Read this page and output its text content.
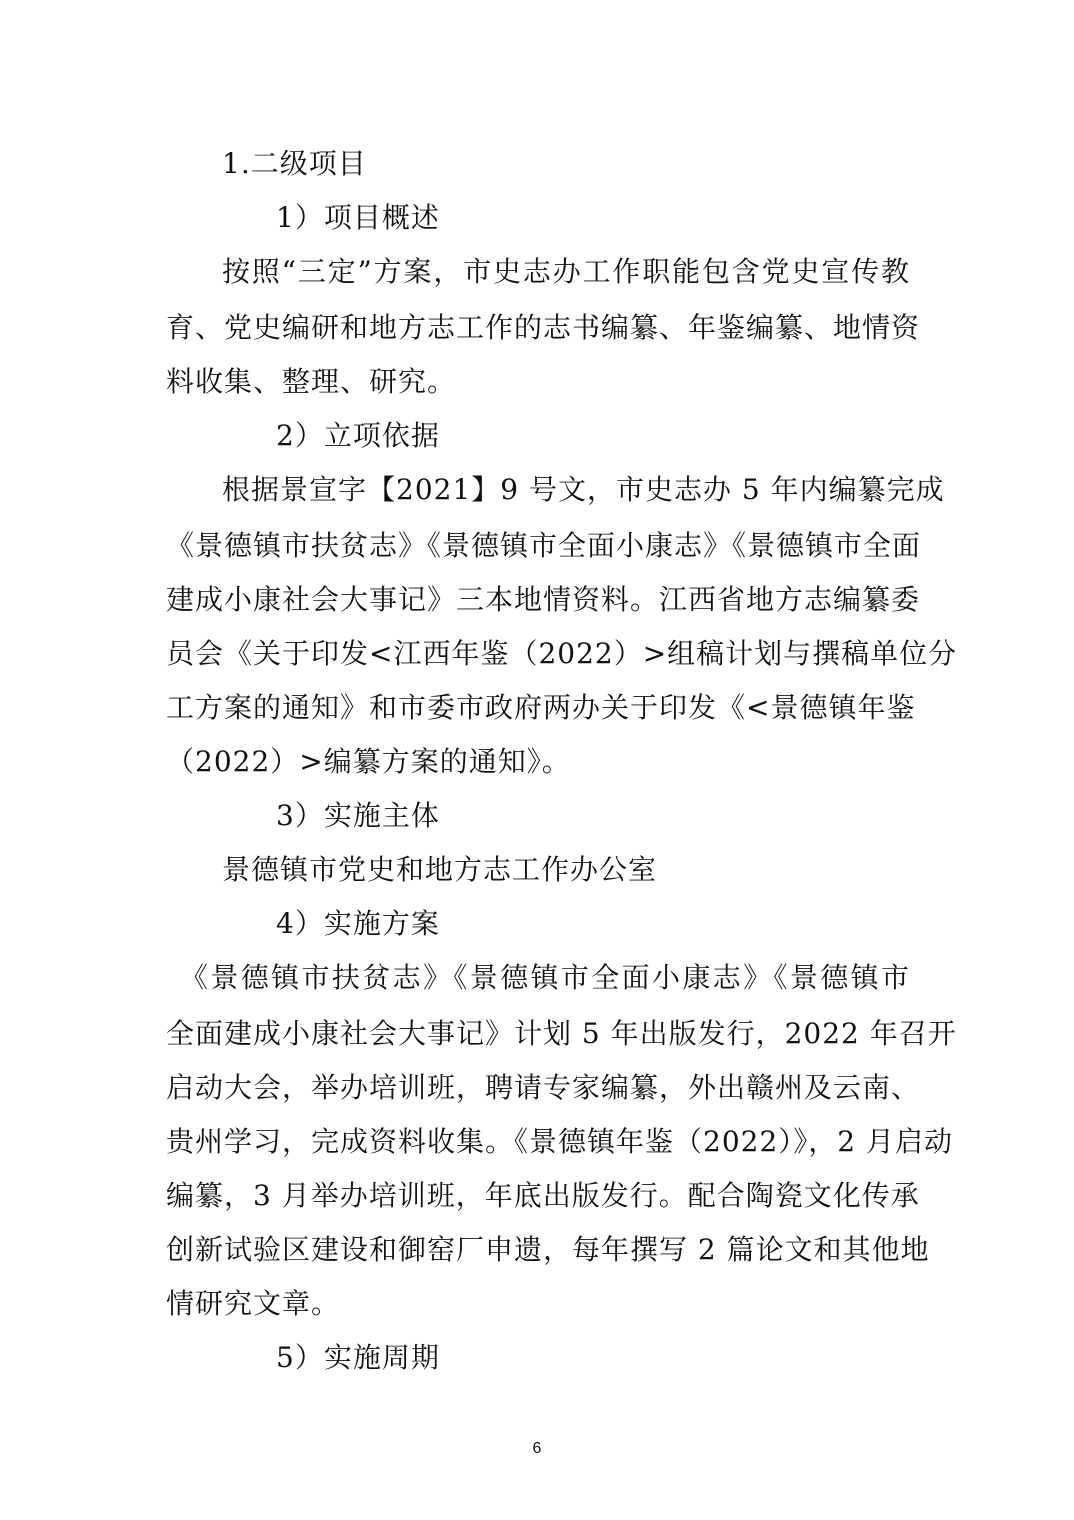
1.二级项目
1）项目概述
按照“三定”方案，市史志办工作职能包含党史宣传教
育、党史编研和地方志工作的志书编纂、年鉴编纂、地情资
料收集、整理、研究。
2）立项依据
根据景宣字【2021】9 号文，市史志办 5 年内编纂完成
《景德镇市扶贫志》《景德镇市全面小康志》《景德镇市全面
建成小康社会大事记》三本地情资料。江西省地方志编纂委
员会《关于印发<江西年鉴（2022）>组稿计划与撰稿单位分
工方案的通知》和市委市政府两办关于印发《<景德镇年鉴
（2022）>编纂方案的通知》。
3）实施主体
景德镇市党史和地方志工作办公室
4）实施方案
《景德镇市扶贫志》《景德镇市全面小康志》《景德镇市
全面建成小康社会大事记》计划 5 年出版发行，2022 年召开
启动大会，举办培训班，聘请专家编纂，外出赣州及云南、
贵州学习，完成资料收集。《景德镇年鉴（2022）》，2 月启动
编纂，3 月举办培训班，年底出版发行。配合陶瓷文化传承
创新试验区建设和御窑厂申遗，每年撰写 2 篇论文和其他地
情研究文章。
5）实施周期
6
